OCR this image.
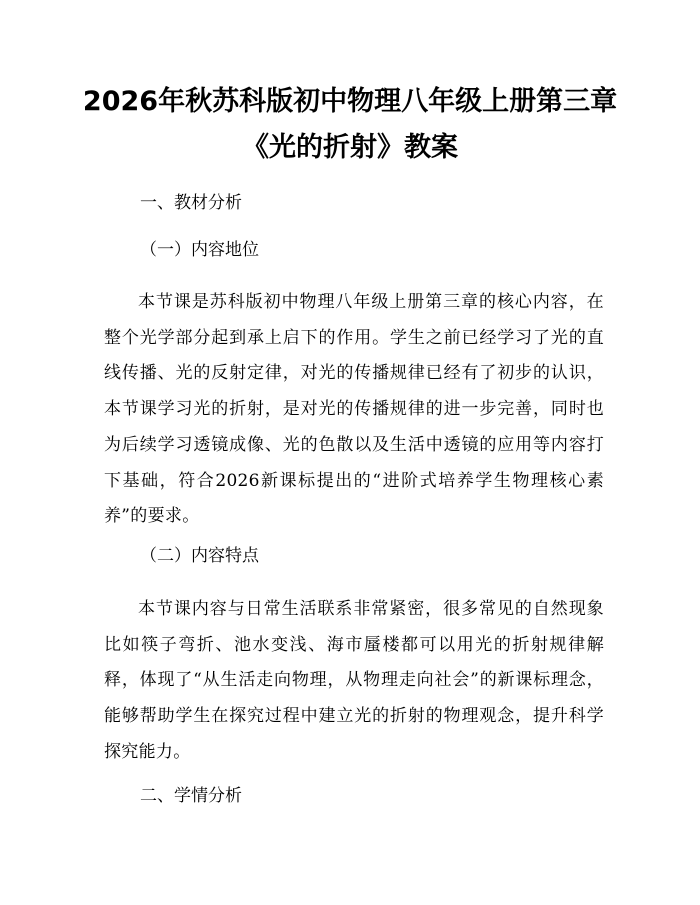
2026年秋苏科版初中物理八年级上册第三章
《光的折射》教案
一、教材分析
（一）内容地位
本节课是苏科版初中物理八年级上册第三章的核心内容，在整个光学部分起到承上启下的作用。学生之前已经学习了光的直线传播、光的反射定律，对光的传播规律已经有了初步的认识，本节课学习光的折射，是对光的传播规律的进一步完善，同时也为后续学习透镜成像、光的色散以及生活中透镜的应用等内容打下基础，符合2026新课标提出的“进阶式培养学生物理核心素养”的要求。
（二）内容特点
本节课内容与日常生活联系非常紧密，很多常见的自然现象比如筷子弯折、池水变浅、海市蜃楼都可以用光的折射规律解释，体现了“从生活走向物理，从物理走向社会”的新课标理念，能够帮助学生在探究过程中建立光的折射的物理观念，提升科学探究能力。
二、学情分析
